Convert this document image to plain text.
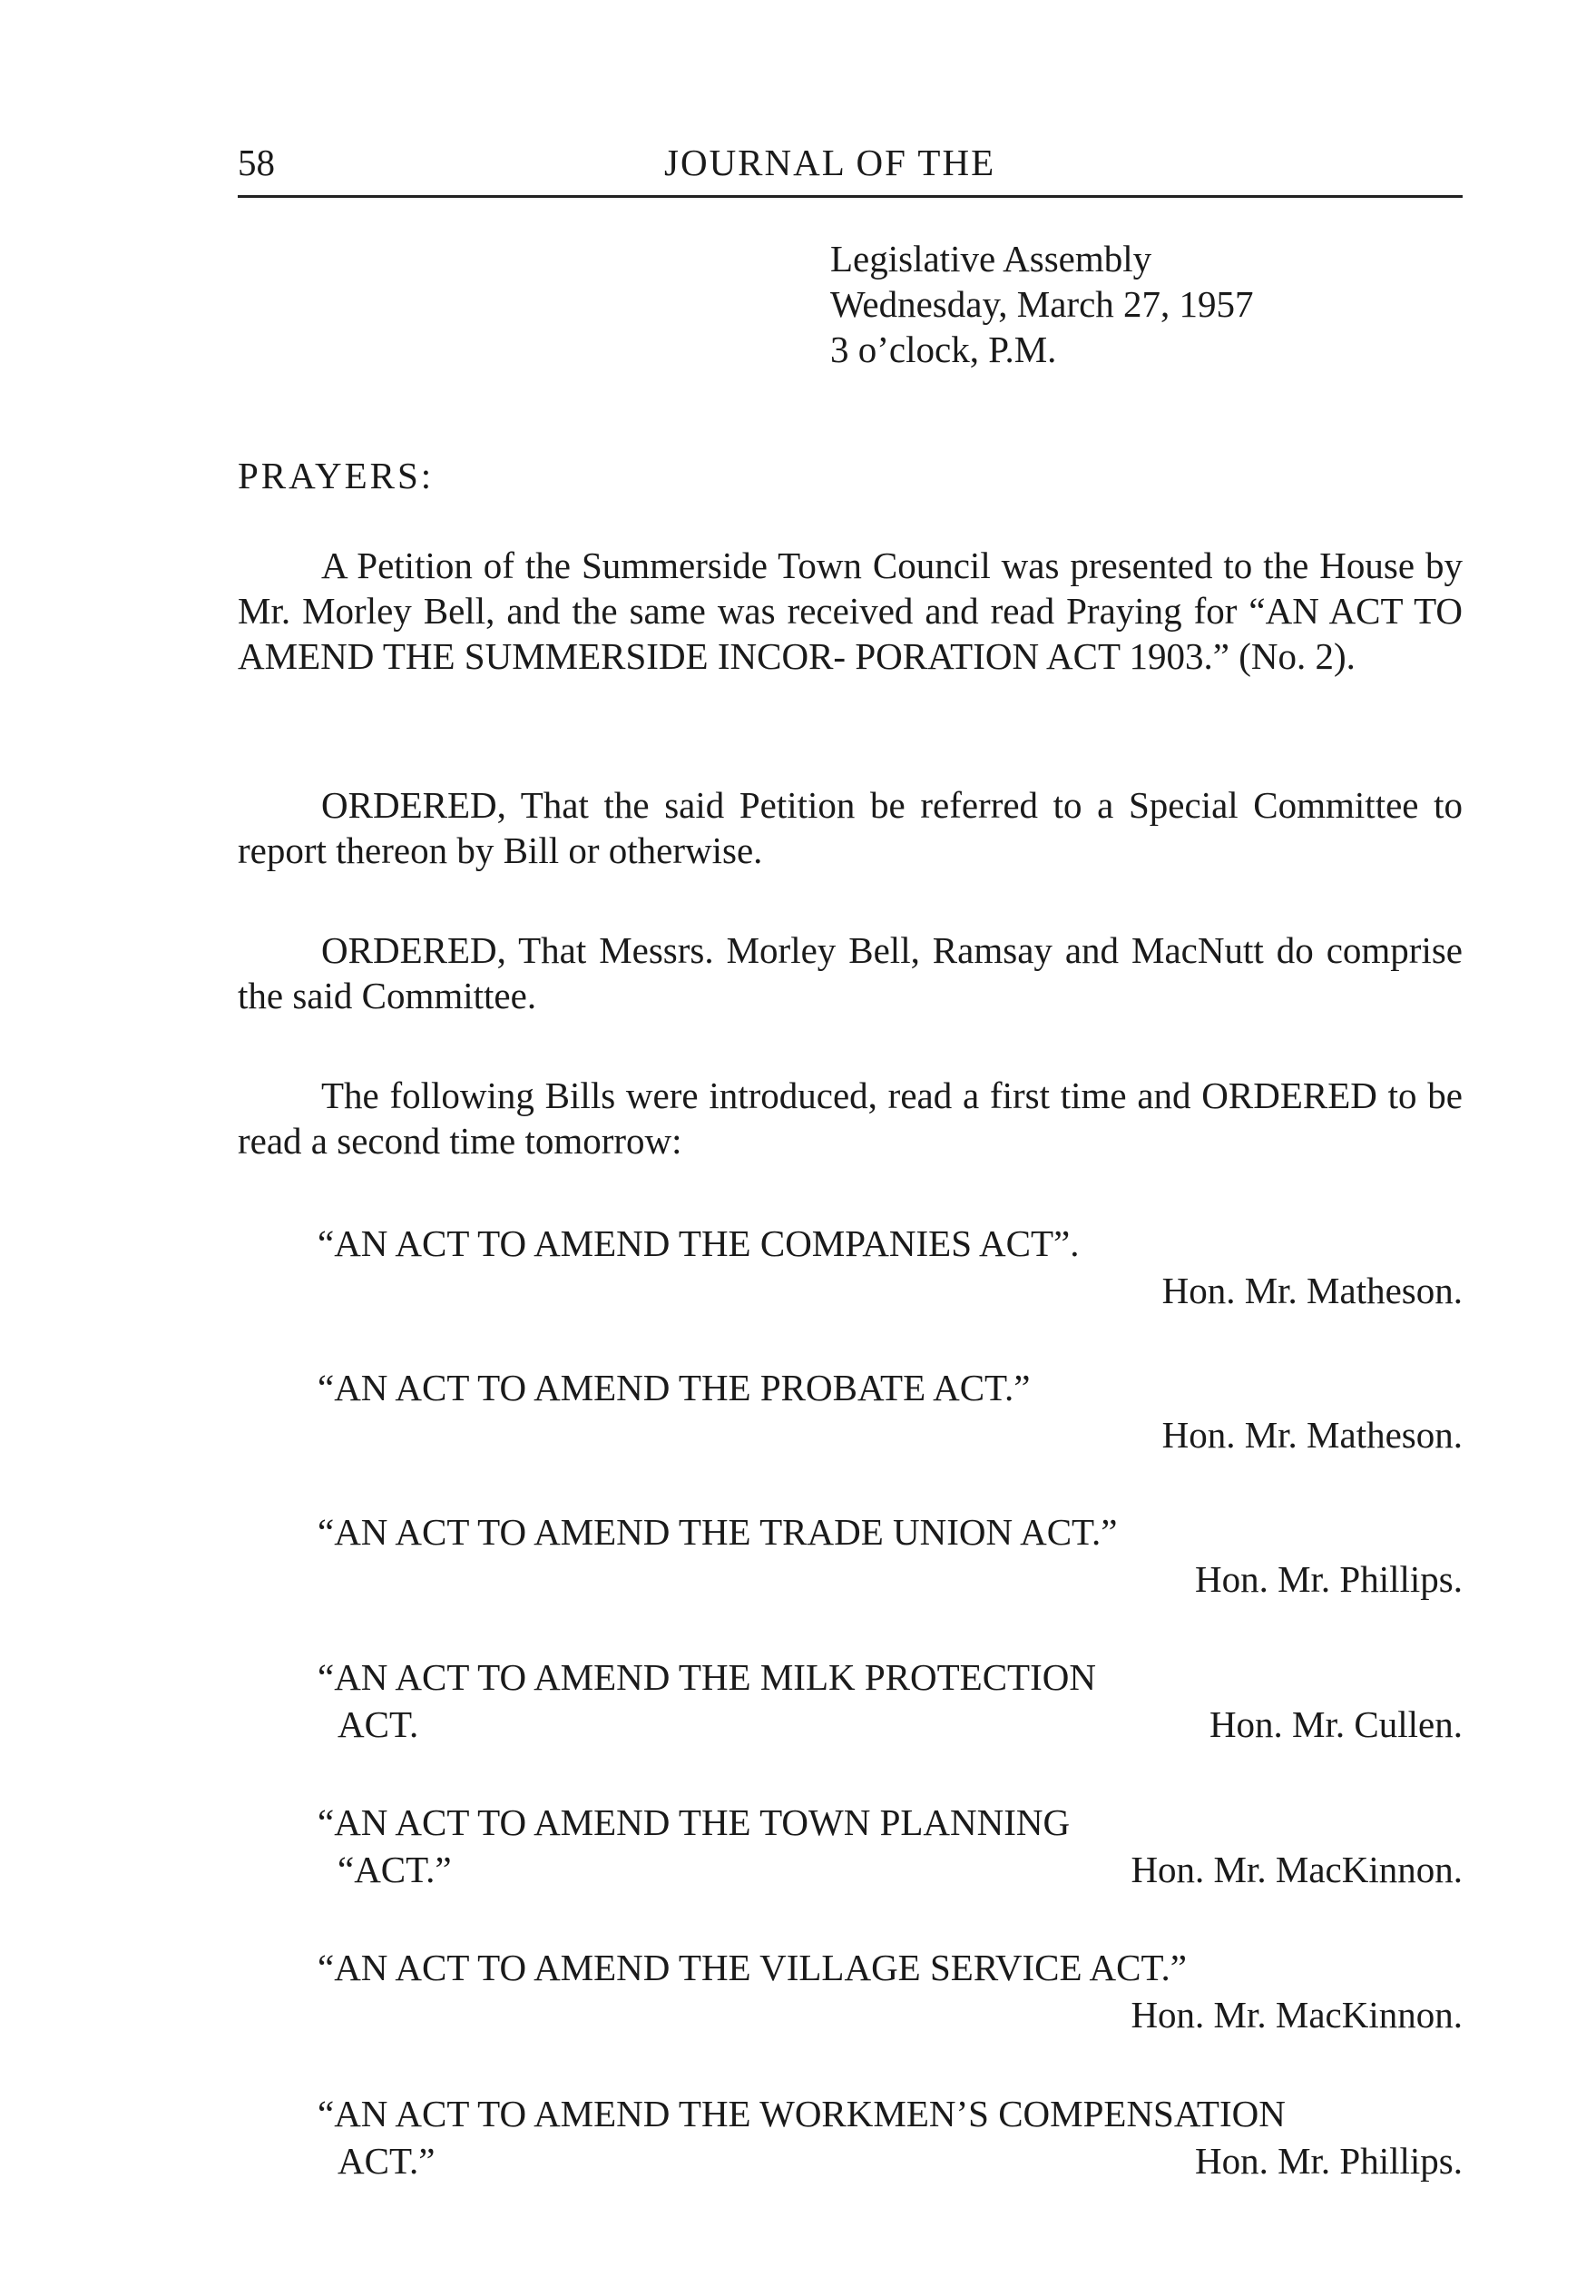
58	JOURNAL OF THE
Legislative Assembly
Wednesday, March 27, 1957
3 o’clock, P.M.
PRAYERS:

A Petition of the Summerside Town Council was presented to the House by Mr. Morley Bell, and the same was received and read Praying for “AN ACT TO AMEND THE SUMMERSIDE INCOR- PORATION ACT 1903.” (No. 2).

ORDERED, That the said Petition be referred to a Special Committee to report thereon by Bill or otherwise.

ORDERED, That Messrs. Morley Bell, Ramsay and MacNutt do comprise the said Committee.

The following Bills were introduced, read a first time and ORDERED to be read a second time tomorrow:

“AN ACT TO AMEND THE COMPANIES ACT”.
Hon. Mr. Matheson.
“AN ACT TO AMEND THE PROBATE ACT.”
Hon. Mr. Matheson.
“AN ACT TO AMEND THE TRADE UNION ACT.”
Hon. Mr. Phillips.
“AN ACT TO AMEND THE MILK PROTECTION
ACT.	Hon. Mr. Cullen.
“AN ACT TO AMEND THE TOWN PLANNING
“ACT.”	Hon. Mr. MacKinnon.
“AN ACT TO AMEND THE VILLAGE SERVICE ACT.”
Hon. Mr. MacKinnon.
“AN ACT TO AMEND THE WORKMEN’S COMPENSATION
ACT.”	Hon. Mr. Phillips.
